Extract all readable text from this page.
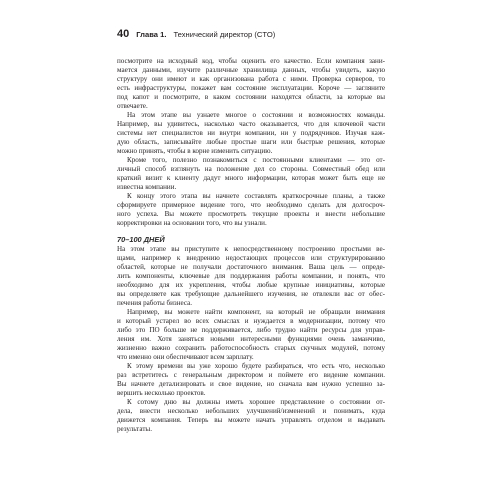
40 Глава 1. Технический директор (CTO)
посмотрите на исходный код, чтобы оценить его качество. Если компания зани-
мается данными, изучите различные хранилища данных, чтобы увидеть, какую
структуру они имеют и как организована работа с ними. Проверка серверов, то
есть инфраструктуры, покажет вам состояние эксплуатации. Короче — загляните
под капот и посмотрите, в каком состоянии находятся области, за которые вы
отвечаете.
На этом этапе вы узнаете многое о состоянии и возможностях команды.
Например, вы удивитесь, насколько часто оказывается, что для ключевой части
системы нет специалистов ни внутри компании, ни у подрядчиков. Изучая каж-
дую область, записывайте любые простые шаги или быстрые решения, которые
можно принять, чтобы в корне изменить ситуацию.
Кроме того, полезно познакомиться с постоянными клиентами — это от-
личный способ взглянуть на положение дел со стороны. Совместный обед или
краткий визит к клиенту дадут много информации, которая может быть еще не
известна компании.
К концу этого этапа вы начнете составлять краткосрочные планы, а также
сформируете примерное видение того, что необходимо сделать для долгосроч-
ного успеха. Вы можете просмотреть текущие проекты и внести небольшие
корректировки на основании того, что вы узнали.
70–100 ДНЕЙ
На этом этапе вы приступите к непосредственному построению простыми ве-
щами, например к внедрению недостающих процессов или структурированию
областей, которые не получали достаточного внимания. Ваша цель — опреде-
лить компоненты, ключевые для поддержания работы компании, и понять, что
необходимо для их укрепления, чтобы любые крупные инициативы, которые
вы определяете как требующие дальнейшего изучения, не отвлекли вас от обес-
печения работы бизнеса.
Например, вы можете найти компонент, на который не обращали внимания
и который устарел во всех смыслах и нуждается в модернизации, потому что
либо это ПО больше не поддерживается, либо трудно найти ресурсы для управ-
ления им. Хотя заняться новыми интересными функциями очень заманчиво,
жизненно важно сохранить работоспособность старых скучных модулей, потому
что именно они обеспечивают всем зарплату.
К этому времени вы уже хорошо будете разбираться, что есть что, несколько
раз встретитесь с генеральным директором и поймете его видение компании.
Вы начнете детализировать и свое видение, но сначала вам нужно успешно за-
вершить несколько проектов.
К сотому дню вы должны иметь хорошее представление о состоянии от-
дела, внести несколько небольших улучшений/изменений и понимать, куда
движется компания. Теперь вы можете начать управлять отделом и выдавать
результаты.
